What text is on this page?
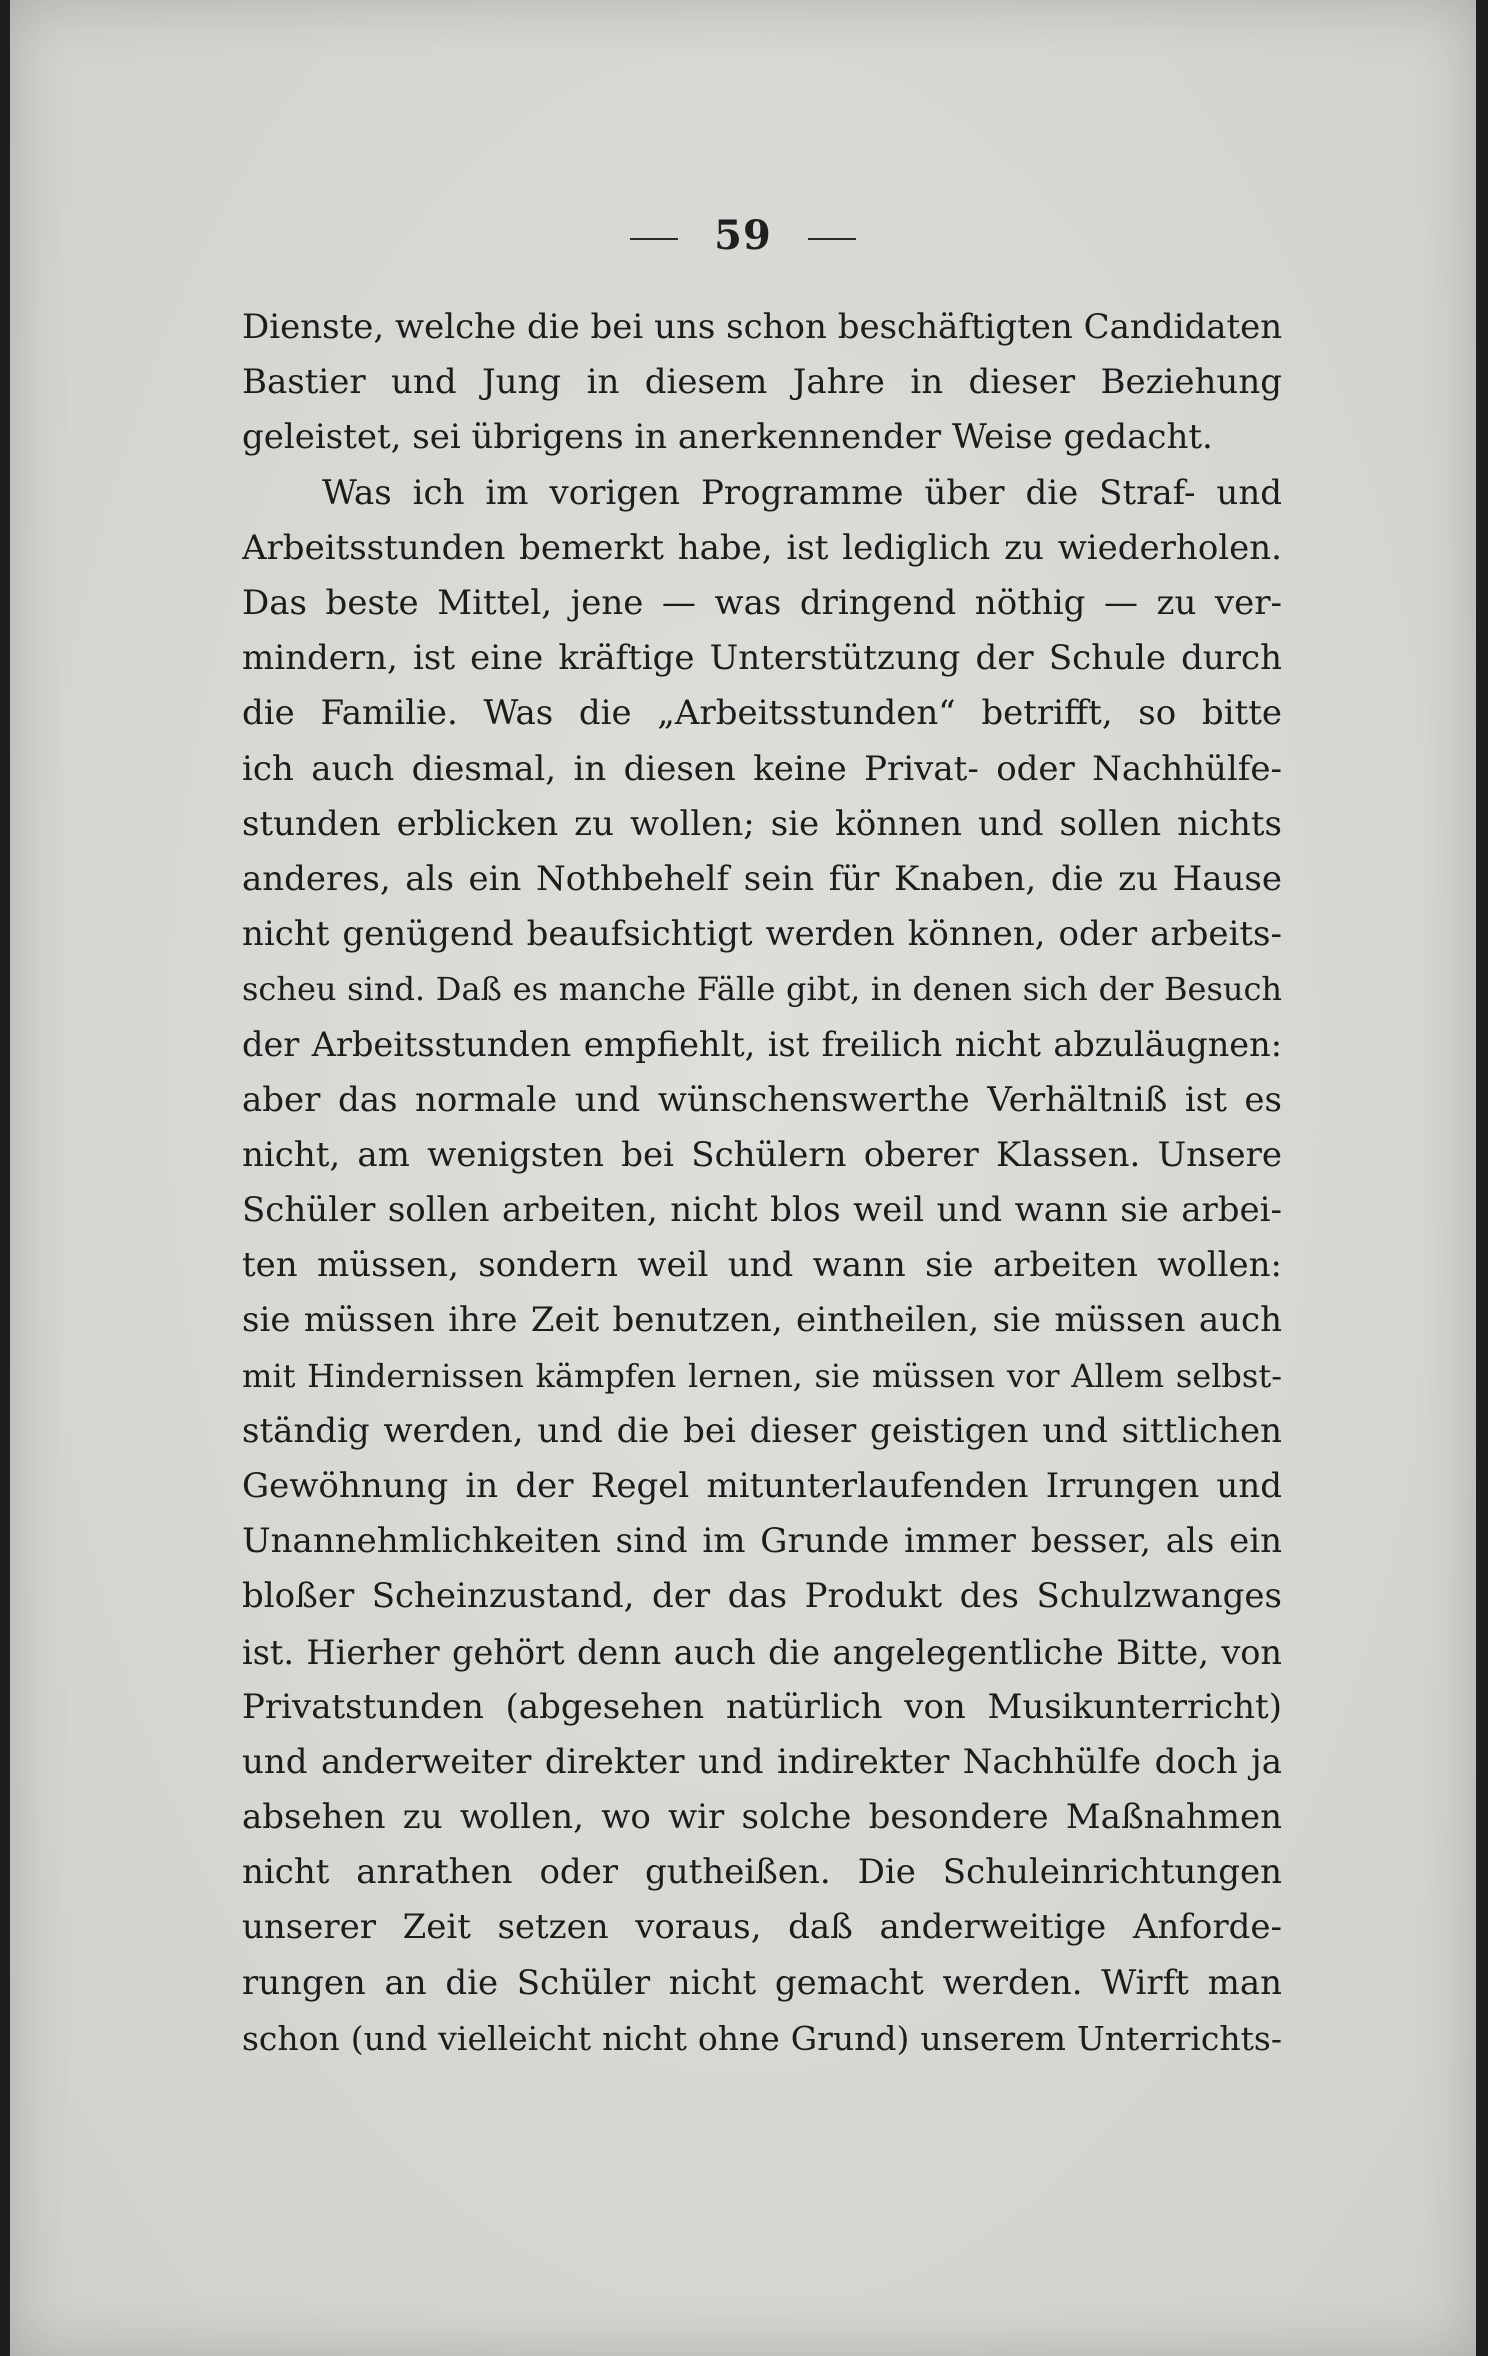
59
Dienste, welche die bei uns schon beschäftigten Candidaten
Bastier und Jung in diesem Jahre in dieser Beziehung
geleistet, sei übrigens in anerkennender Weise gedacht.
Was ich im vorigen Programme über die Straf- und
Arbeitsstunden bemerkt habe, ist lediglich zu wiederholen.
Das beste Mittel, jene — was dringend nöthig — zu ver-
mindern, ist eine kräftige Unterstützung der Schule durch
die Familie. Was die „Arbeitsstunden“ betrifft, so bitte
ich auch diesmal, in diesen keine Privat- oder Nachhülfe-
stunden erblicken zu wollen; sie können und sollen nichts
anderes, als ein Nothbehelf sein für Knaben, die zu Hause
nicht genügend beaufsichtigt werden können, oder arbeits-
scheu sind. Daß es manche Fälle gibt, in denen sich der Besuch
der Arbeitsstunden empfiehlt, ist freilich nicht abzuläugnen:
aber das normale und wünschenswerthe Verhältniß ist es
nicht, am wenigsten bei Schülern oberer Klassen. Unsere
Schüler sollen arbeiten, nicht blos weil und wann sie arbei-
ten müssen, sondern weil und wann sie arbeiten wollen:
sie müssen ihre Zeit benutzen, eintheilen, sie müssen auch
mit Hindernissen kämpfen lernen, sie müssen vor Allem selbst-
ständig werden, und die bei dieser geistigen und sittlichen
Gewöhnung in der Regel mitunterlaufenden Irrungen und
Unannehmlichkeiten sind im Grunde immer besser, als ein
bloßer Scheinzustand, der das Produkt des Schulzwanges
ist. Hierher gehört denn auch die angelegentliche Bitte, von
Privatstunden (abgesehen natürlich von Musikunterricht)
und anderweiter direkter und indirekter Nachhülfe doch ja
absehen zu wollen, wo wir solche besondere Maßnahmen
nicht anrathen oder gutheißen. Die Schuleinrichtungen
unserer Zeit setzen voraus, daß anderweitige Anforde-
rungen an die Schüler nicht gemacht werden. Wirft man
schon (und vielleicht nicht ohne Grund) unserem Unterrichts-
